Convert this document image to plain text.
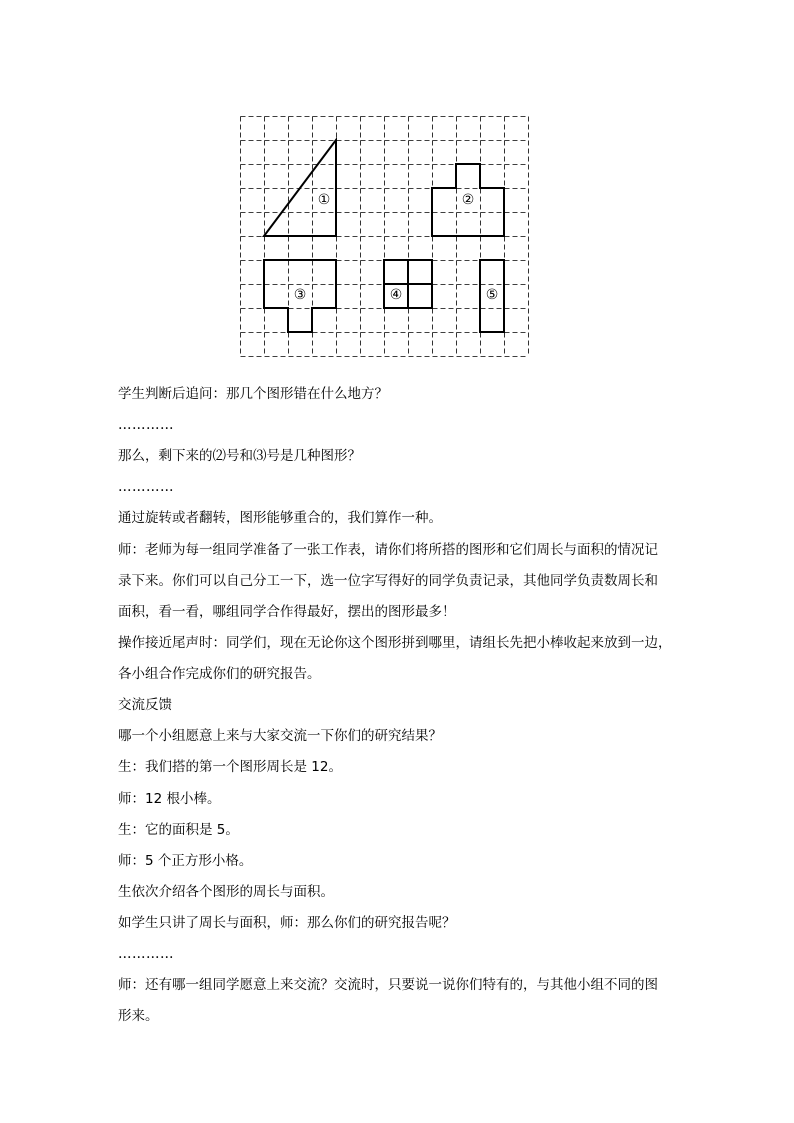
①	②
③	④	⑤
学生判断后追问：那几个图形错在什么地方？
…………
那么，剩下来的⑵号和⑶号是几种图形？
…………
通过旋转或者翻转，图形能够重合的，我们算作一种。
师：老师为每一组同学准备了一张工作表，请你们将所搭的图形和它们周长与面积的情况记
录下来。你们可以自己分工一下，选一位字写得好的同学负责记录，其他同学负责数周长和
面积，看一看，哪组同学合作得最好，摆出的图形最多！
操作接近尾声时：同学们，现在无论你这个图形拼到哪里，请组长先把小棒收起来放到一边，
各小组合作完成你们的研究报告。
交流反馈
哪一个小组愿意上来与大家交流一下你们的研究结果？
生：我们搭的第一个图形周长是 12。
师：12 根小棒。
生：它的面积是 5。
师：5 个正方形小格。
生依次介绍各个图形的周长与面积。
如学生只讲了周长与面积，师：那么你们的研究报告呢？
…………
师：还有哪一组同学愿意上来交流？交流时，只要说一说你们特有的，与其他小组不同的图
形来。
